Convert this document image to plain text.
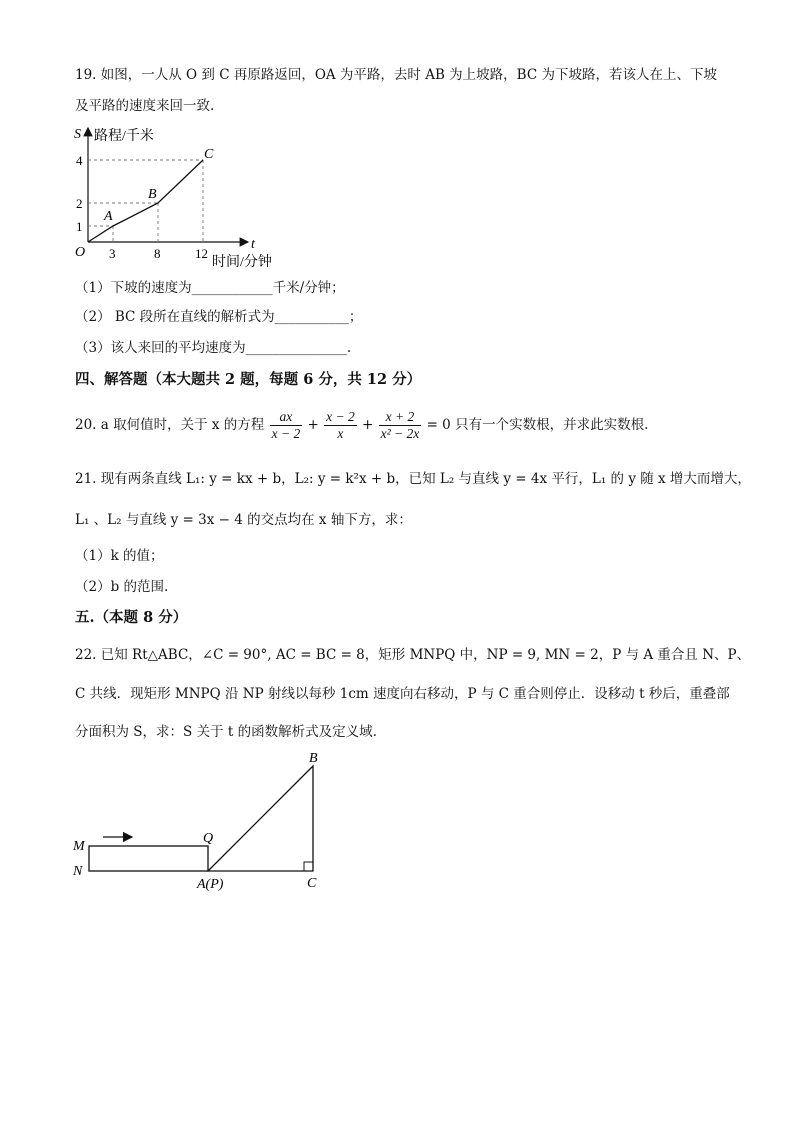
19. 如图，一人从 O 到 C 再原路返回，OA 为平路，去时 AB 为上坡路，BC 为下坡路，若该人在上、下坡
及平路的速度来回一致.
S 路程/千米
4
2
1
O 3	8	12
t
时间/分钟
A
B
C
（1）下坡的速度为____________千米/分钟；
（2） BC 段所在直线的解析式为___________；
（3）该人来回的平均速度为_______________.
四、解答题（本大题共 2 题，每题 6 分，共 12 分）
20. a 取何值时，关于 x 的方程 $\frac{ax}{x - 2} + \frac{x - 2}{x} + \frac{x + 2}{\text{x² − 2x}} = 0$ 只有一个实数根，并求此实数根.
21. 现有两条直线 L₁: y = kx + b，L₂: y = k²x + b，已知 L₂ 与直线 y = 4x 平行，L₁ 的 y 随 x 增大而增大，
L₁ 、L₂ 与直线 y = 3x − 4 的交点均在 x 轴下方，求：
（1）k 的值；
（2）b 的范围.
五.（本题 8 分）
22. 已知 Rt△ABC，∠C = 90°, AC = BC = 8，矩形 MNPQ 中，NP = 9, MN = 2，P 与 A 重合且 N、P、
C 共线．现矩形 MNPQ 沿 NP 射线以每秒 1cm 速度向右移动，P 与 C 重合则停止．设移动 t 秒后，重叠部
分面积为 S，求：S 关于 t 的函数解析式及定义域.
M
N
Q
A(P)
B
C
